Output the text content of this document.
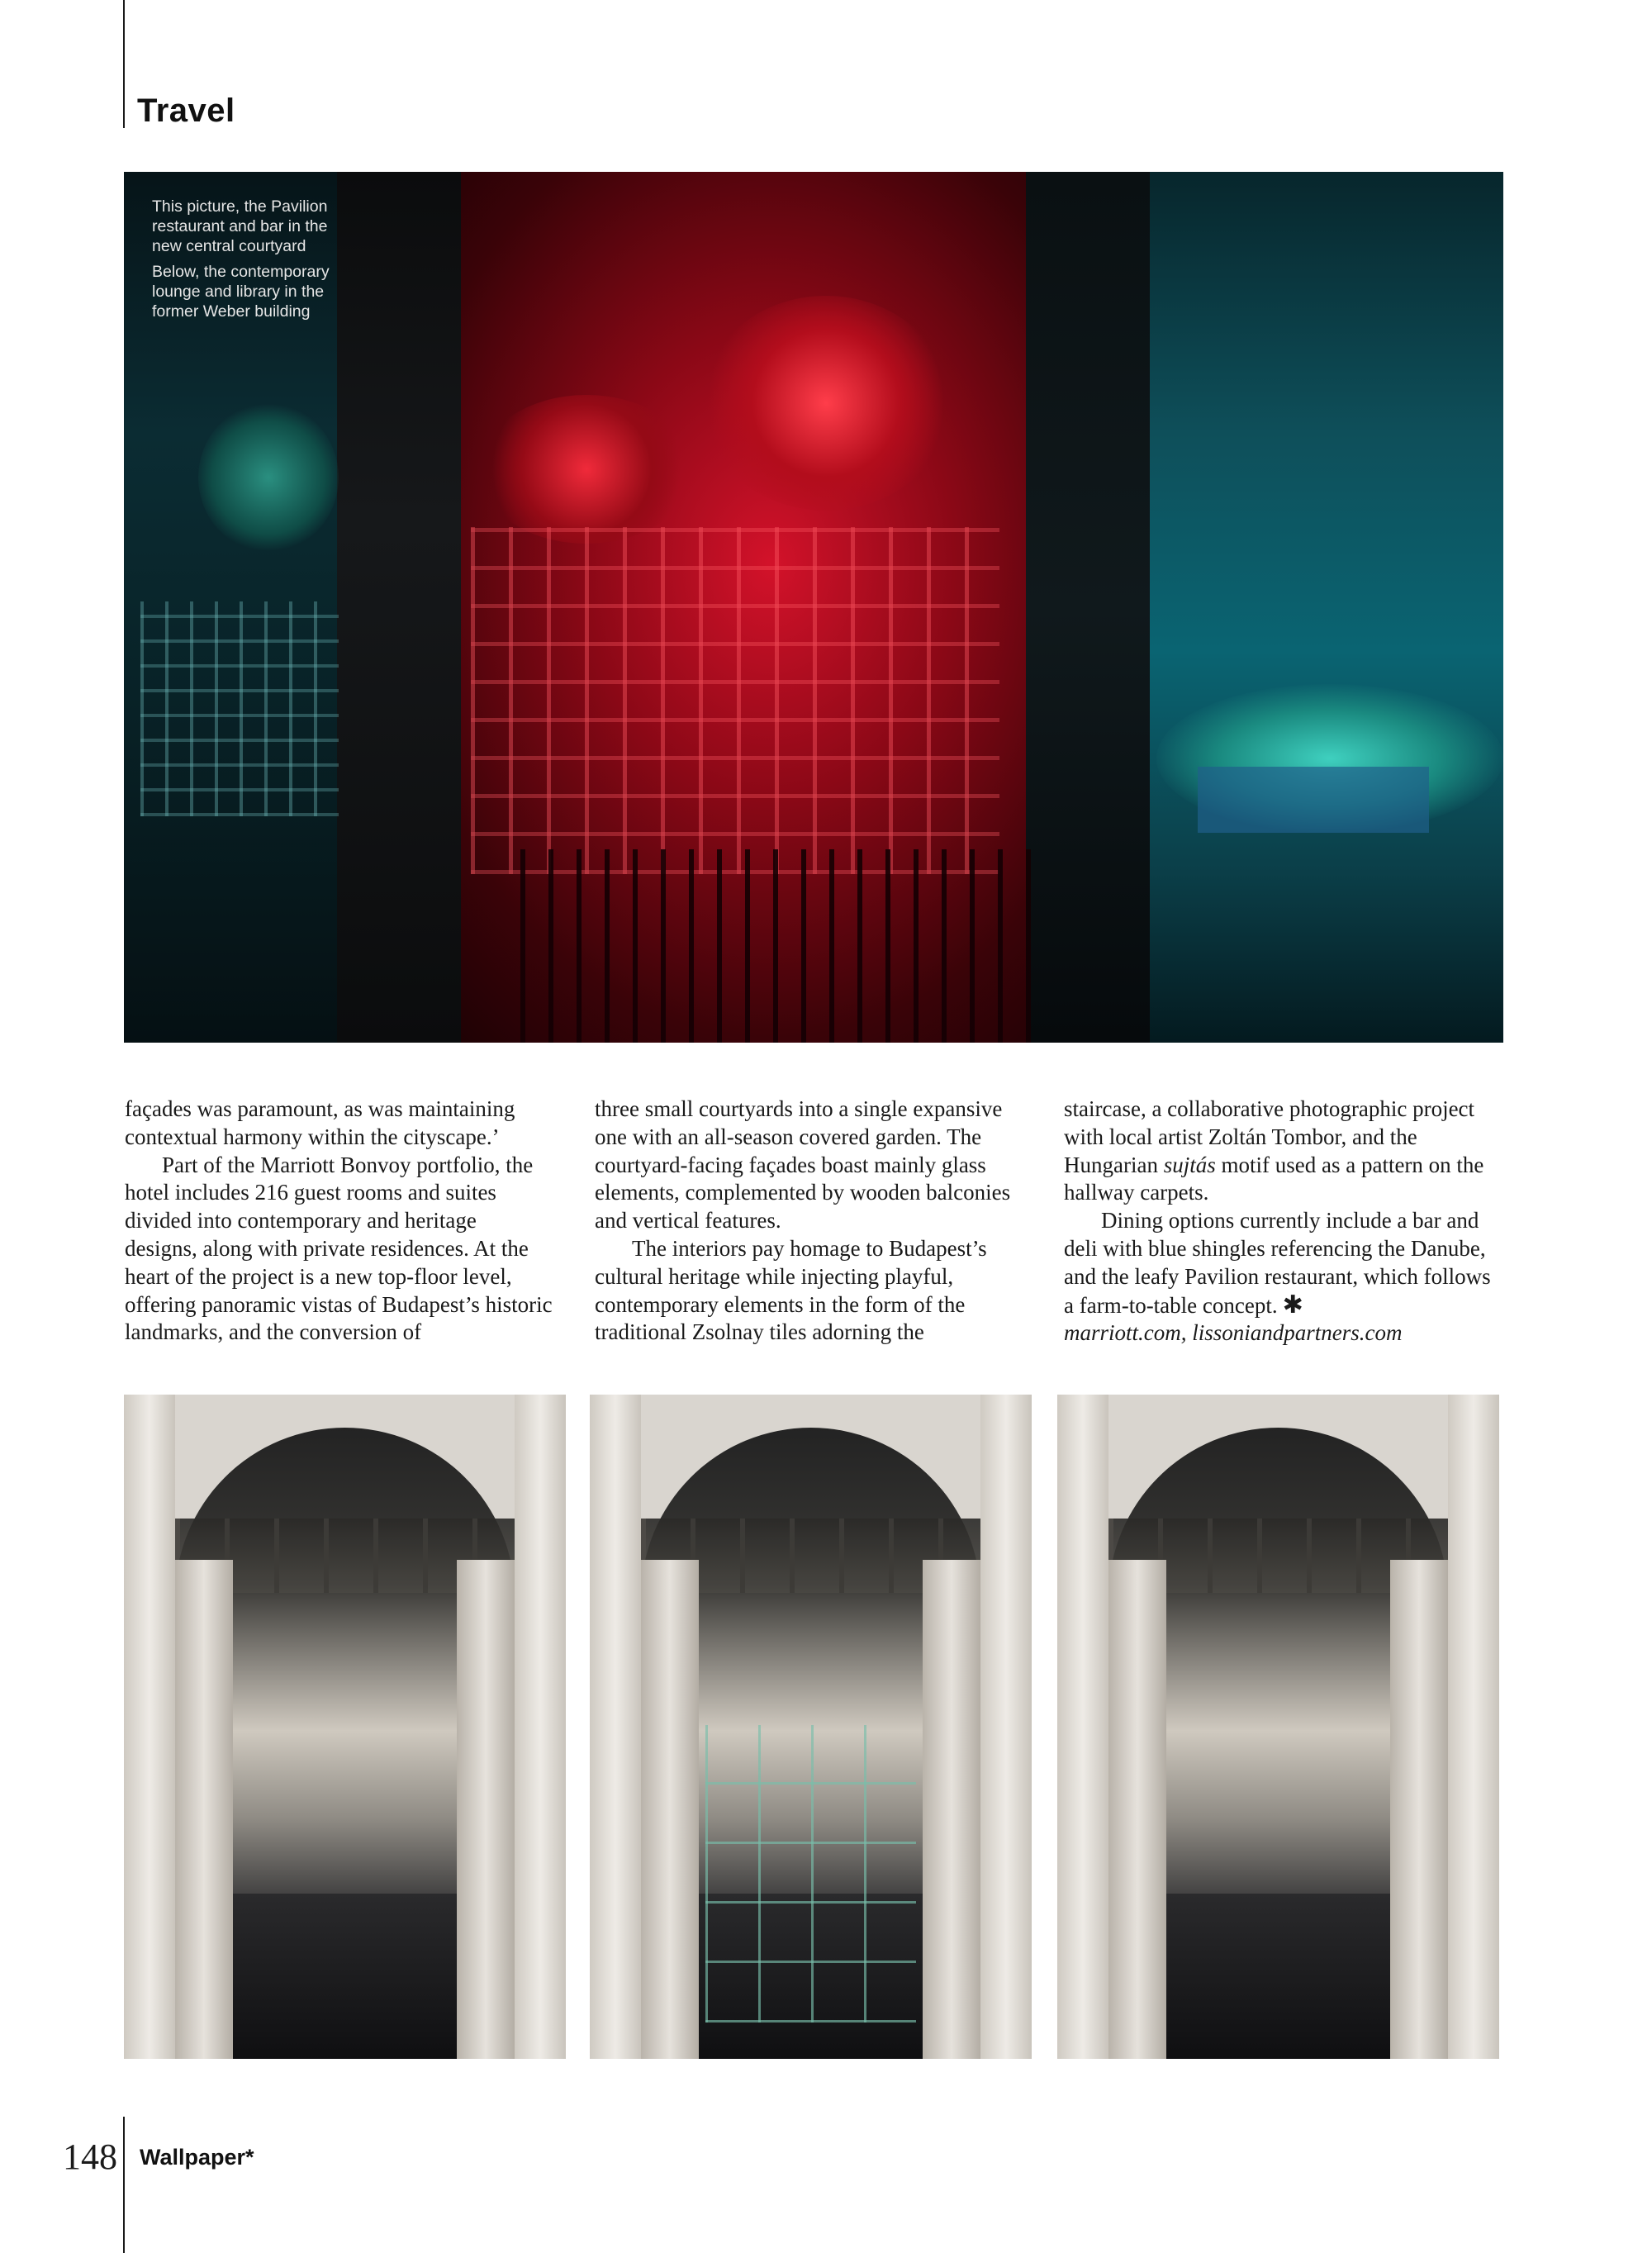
Travel

This picture, the Pavilion restaurant and bar in the new central courtyard

Below, the contemporary lounge and library in the former Weber building

façades was paramount, as was maintaining contextual harmony within the cityscape.’

Part of the Marriott Bonvoy portfolio, the hotel includes 216 guest rooms and suites divided into contemporary and heritage designs, along with private residences. At the heart of the project is a new top-floor level, offering panoramic vistas of Budapest’s historic landmarks, and the conversion of

three small courtyards into a single expansive one with an all-season covered garden. The courtyard-facing façades boast mainly glass elements, complemented by wooden balconies and vertical features.

The interiors pay homage to Budapest’s cultural heritage while injecting playful, contemporary elements in the form of the traditional Zsolnay tiles adorning the

staircase, a collaborative photographic project with local artist Zoltán Tombor, and the Hungarian sujtás motif used as a pattern on the hallway carpets.

Dining options currently include a bar and deli with blue shingles referencing the Danube, and the leafy Pavilion restaurant, which follows a farm-to-table concept. ✱

marriott.com, lissoniandpartners.com

148 Wallpaper*
